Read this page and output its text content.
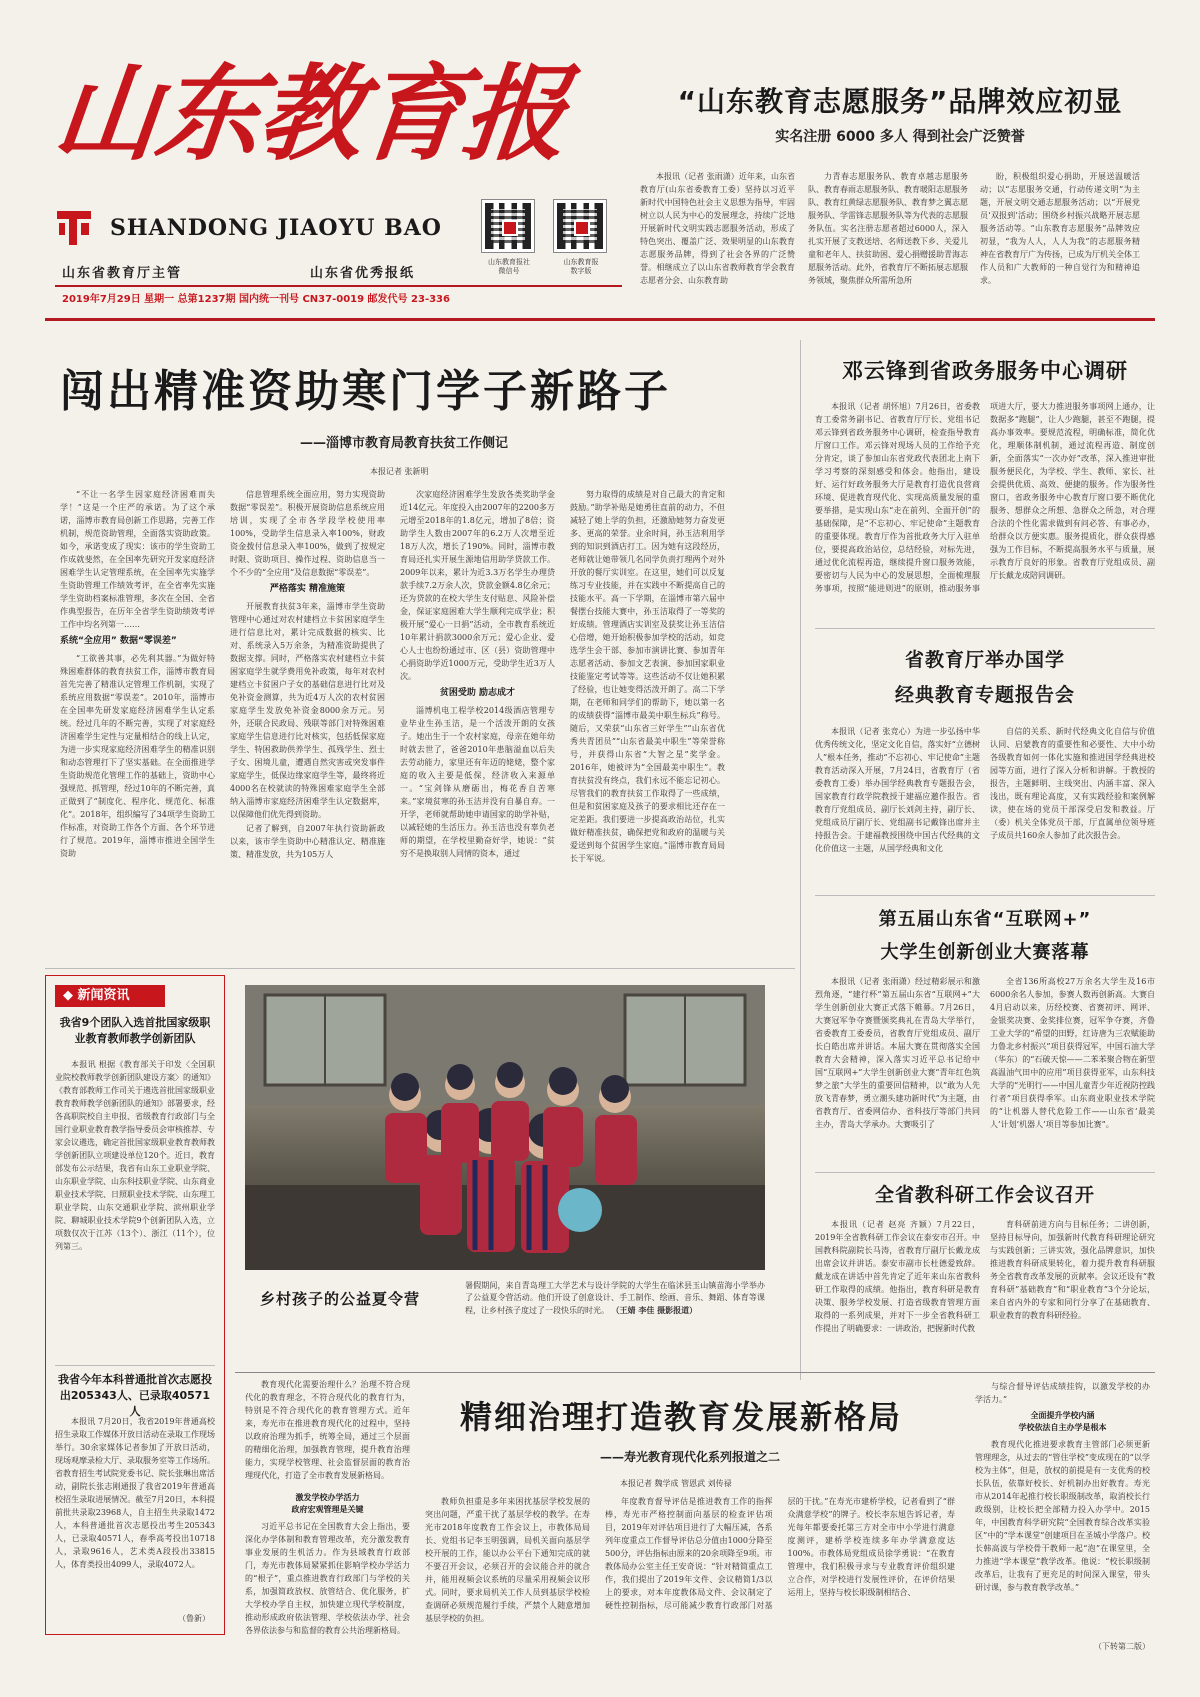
山东教育报
SHANDONG JIAOYU BAO
山东教育报社
微信号
山东教育报
数字版
山东省教育厅主管	山东省优秀报纸
2019年7月29日 星期一 总第1237期 国内统一刊号 CN37-0019 邮发代号 23-336
“山东教育志愿服务”品牌效应初显
实名注册 6000 多人 得到社会广泛赞誉

本报讯（记者 张雨潇）近年来，山东省教育厅(山东省委教育工委）坚持以习近平新时代中国特色社会主义思想为指导，牢固树立以人民为中心的发展理念，持续广泛地开展新时代文明实践志愿服务活动，形成了特色突出、覆盖广泛、效果明显的山东教育志愿服务品牌，得到了社会各界的广泛赞誉。相继成立了以山东省教师教育学会教育志愿者分会、山东教育助

力青春志愿服务队、教育卓越志愿服务队、教育春雨志愿服务队、教育暖阳志愿服务队、教育红黄绿志愿服务队、教育梦之翼志愿服务队、学雷锋志愿服务队等为代表的志愿服务队伍。实名注册志愿者超过6000人，深入扎实开展了支教送培、名师送教下乡、关爱儿童和老年人、扶贫助困、爱心捐赠援助青海志愿服务活动。此外，省教育厅不断拓展志愿服务领域，聚焦群众所需所急所

盼，积极组织爱心捐助，开展送温暖活动；以“志愿服务交通，行动传递文明”为主题，开展文明交通志愿服务活动；以“开展党员‘双报到’活动；围绕乡村振兴战略开展志愿服务活动等。“山东教育志愿服务”品牌效应初显，“我为人人，人人为我”的志愿服务精神在省教育厅广为传扬，已成为厅机关全体工作人员和广大教师的一种自觉行为和精神追求。

闯出精准资助寒门学子新路子
——淄博市教育局教育扶贫工作侧记
本报记者 张新明

“不让一名学生因家庭经济困难而失学！”这是一个庄严的承诺。为了这个承诺，淄博市教育局创新工作思路，完善工作机制，规范资助管理，全面落实资助政策。如今，承诺变成了现实：该市的学生资助工作成就斐然，在全国率先研究开发家庭经济困难学生认定管理系统，在全国率先实施学生资助管理工作绩效考评，在全省率先实施学生资助档案标准管理，多次在全国、全省作典型报告，在历年全省学生资助绩效考评工作中均名列第一……

系统“全应用” 数据“零误差”

“工欲善其事，必先利其器。”为做好特殊困难群体的教育扶贫工作，淄博市教育局首先完善了精准认定管理工作机制，实现了系统应用数据“零误差”。2010年，淄博市在全国率先研发家庭经济困难学生认定系统。经过几年的不断完善，实现了对家庭经济困难学生定性与定量相结合的线上认定，为进一步实现家庭经济困难学生的精准识别和动态管理打下了坚实基础。在全面推进学生资助规范化管理工作的基础上，资助中心强规范、抓管理，经过10年的不断完善，真正做到了“制度化、程序化、规范化、标准化”。2018年，组织编写了34项学生资助工作标准，对资助工作各个方面、各个环节进行了规范。2019年，淄博市推进全国学生资助

信息管理系统全面应用，努力实现资助数据“零误差”。积极开展资助信息系统应用培训，实现了全市各学段学校使用率100%，受助学生信息录入率100%，财政资金拨付信息录入率100%，做到了按规定时限、资助项目、操作过程、资助信息当一个不少的“全应用”及信息数据“零误差”。

严格落实 精准施策

开展教育扶贫3年来，淄博市学生资助管理中心通过对农村建档立卡贫困家庭学生进行信息比对，累计完成数据的核实、比对、系统录入5万余条，为精准资助提供了数据支撑。同时，严格落实农村建档立卡贫困家庭学生就学费用免补政策，每年对农村建档立卡贫困户子女的基础信息进行比对及免补资金测算，共为近4万人次的农村贫困家庭学生发放免补资金8000余万元。另外，还联合民政局、残联等部门对特殊困难家庭学生信息进行比对核实，包括低保家庭学生、特困救助供养学生、孤残学生、烈士子女、困境儿童，遭遇自然灾害或突发事件家庭学生，低保边缘家庭学生等，最终将近4000名在校就读的特殊困难家庭学生全部纳入淄博市家庭经济困难学生认定数据库，以保障他们优先得到资助。

记者了解到，自2007年执行资助新政以来，该市学生资助中心精准认定、精准施策、精准发放，共为105万人

次家庭经济困难学生发放各类奖助学金近14亿元。年度投入由2007年的2200多万元增至2018年的1.8亿元，增加了8倍；资助学生人数由2007年的6.2万人次增至近18万人次，增长了190%。同时，淄博市教育局还扎实开展生源地信用助学贷款工作。2009年以来，累计为近3.3万名学生办理贷款手续7.2万余人次，贷款金额4.8亿余元；还为贷款的在校大学生支付贴息、风险补偿金，保证家庭困难大学生顺利完成学业；积极开展“爱心一日捐”活动，全市教育系统近10年累计捐款3000余万元；爱心企业、爱心人士也纷纷通过市、区（县）资助管理中心捐资助学近1000万元，受助学生近3万人次。

贫困受助 励志成才

淄博机电工程学校2014级酒店管理专业毕业生孙玉洁，是一个活泼开朗的女孩子。她出生于一个农村家庭，母亲在她年幼时就去世了，爸爸2010年患脑溢血以后失去劳动能力，家里还有年迈的姥姥，整个家庭的收入主要是低保，经济收入来源单一。“宝剑锋从磨砺出，梅花香自苦寒来。”家境贫寒的孙玉洁并没有自暴自弃。一开学，老师就帮助她申请国家的助学补贴，以减轻她的生活压力。孙玉洁也没有辜负老师的期望，在学校里勤奋好学，她说：“贫穷不是换取别人同情的资本，通过

努力取得的成绩是对自己最大的肯定和鼓励。”助学补贴是她勇往直前的动力，不但减轻了她上学的负担，还激励她努力奋发更多、更高的荣誉。业余时间，孙玉洁利用学到的知识到酒店打工。因为她有这段经历，老师就让她带领几名同学负责打理两个对外开放的餐厅实训室。在这里，她们可以反复练习专业技能，并在实践中不断提高自己的技能水平。高一下学期，在淄博市第六届中餐摆台技能大赛中，孙玉洁取得了一等奖的好成绩。管理酒店实训室及获奖让孙玉洁信心倍增，她开始积极参加学校的活动，如竞选学生会干部、参加市演讲比赛、参加青年志愿者活动、参加文艺表演、参加国家职业技能鉴定考试等等。这些活动不仅让她积累了经验，也让她变得活泼开朗了。高二下学期，在老师和同学们的帮助下，她以第一名的成绩获得“淄博市最美中职生标兵”称号。随后，又荣获“山东省三好学生”“山东省优秀共青团员”“山东省最美中职生”等荣誉称号，并获得山东省“大智之星”奖学金。2016年，她被评为“全国最美中职生”。教育扶贫没有终点，我们永远不能忘记初心。尽管我们的教育扶贫工作取得了一些成绩，但是和贫困家庭及孩子的要求相比还存在一定差距。我们要进一步提高政治站位，扎实做好精准扶贫，确保把党和政府的温暖与关爱送到每个贫困学生家庭。”淄博市教育局局长于军说。

邓云锋到省政务服务中心调研

本报讯（记者 胡怀旭）7月26日，省委教育工委常务副书记、省教育厅厅长、党组书记邓云锋到省政务服务中心调研，检查指导教育厅窗口工作。邓云锋对现场人员的工作给予充分肯定，谈了参加山东省党政代表团北上南下学习考察的深刻感受和体会。他指出，建设好、运行好政务服务大厅是教育打造优良营商环境、促进教育现代化、实现高质量发展的重要举措，是实现山东“走在前列、全面开创”的基础保障，是“不忘初心、牢记使命”主题教育的重要体现。教育厅作为首批政务大厅入驻单位，要提高政治站位，总结经验，对标先进，通过优化流程再造，继续提升窗口服务效能，要密切与人民为中心的发展思想，全面梳理服务事项，按照“能进则进”的原则，推动服务事项进大厅，要大力推进服务事项网上通办，让数据多“跑腿”，让人少跑腿，甚至不跑腿，提高办事效率。要规范流程，明确标准，简化优化，理顺体制机制，通过流程再造、制度创新，全面落实“一次办好”改革，深入推进审批服务便民化，为学校、学生、教师、家长、社会提供优质、高效、便捷的服务。作为服务性窗口，省政务服务中心教育厅窗口要不断优化服务、想群众之所想、急群众之所急，对合理合法的个性化需求做到有问必答、有事必办，给群众以方便实惠。服务提质化，群众获得感强为工作目标，不断提高服务水平与质量，展示教育厅良好的形象。省教育厅党组成员、副厅长戴龙成陪同调研。

省教育厅举办国学
经典教育专题报告会

本报讯（记者 张竞心）为进一步弘扬中华优秀传统文化，坚定文化自信，落实好“立德树人”根本任务，推动“不忘初心、牢记使命”主题教育活动深入开展，7月24日，省教育厅（省委教育工委）举办国学经典教育专题报告会，国家教育行政学院教授于建福应邀作报告。省教育厅党组成员、副厅长刘剑主持，副厅长、党组成员厅副厅长、党组副书记戴锋出席并主持报告会。于建福教授围绕中国古代经典的文化价值这一主题，从国学经典和文化

自信的关系、新时代经典文化自信与价值认同、启蒙教育的重要性和必要性、大中小幼各级教育如何一体化实施和推进国学经典进校园等方面，进行了深入分析和讲解。于教授的报告，主题鲜明、主线突出、内涵丰富、深入浅出，既有理论高度，又有实践经验和案例解读，使在场的党员干部深受启发和教益。厅（委）机关全体党员干部，厅直属单位领导班子成员共160余人参加了此次报告会。

第五届山东省“互联网+”
大学生创新创业大赛落幕

本报讯（记者 张雨潇）经过精彩展示和激烈角逐，“建行杯”第五届山东省“互联网+”大学生创新创业大赛正式落下帷幕。7月26日，大赛冠军争夺赛暨颁奖典礼在青岛大学举行，省委教育工委委员，省教育厅党组成员、副厅长白皓出席并讲话。本届大赛在贯彻落实全国教育大会精神，深入落实习近平总书记给中国“互联网+”大学生创新创业大赛“青年红色筑梦之旅”大学生的重要回信精神，以“敢为人先放飞青春梦，勇立潮头建功新时代”为主题，由省教育厅、省委网信办、省科技厅等部门共同主办，青岛大学承办。大赛吸引了

全省136所高校27万余名大学生及16市6000余名人参加，参赛人数再创新高。大赛自4月启动以来，历经校赛、省赛初评、网评、金银奖决赛、金奖排位赛，冠军争夺赛，齐鲁工业大学的“希望的田野，红诗唐为三农赋能助力鲁北乡村振兴”项目获得冠军，中国石油大学（华东）的“石破天惊——二苯苯聚合物在新型高温油气田中的应用”项目获得亚军，山东科技大学的“光明行——中国儿童青少年近视防控践行者”项目获得季军。山东商业职业技术学院的“让机器人替代危险工作——山东省‘最美人’计划‘机器人’项目等参加比赛”。

全省教科研工作会议召开

本报讯（记者 赵亮 齐颖）7月22日，2019年全省教科研工作会议在泰安市召开。中国教科院副院长马涛，省教育厅副厅长戴龙成出席会议并讲话。泰安市副市长杜德爱致辞。戴龙成在讲话中首先肯定了近年来山东省教科研工作取得的成绩。他指出，教育科研是教育决策、服务学校发展、打造省级教育管理方面取得的一系列成果，并对下一步全省教科研工作提出了明确要求：一讲政治，把握新时代教

育科研前进方向与目标任务；二讲创新，坚持目标导向，加强新时代教育科研理论研究与实践创新；三讲实效，强化品牌意识，加快推进教育科研成果转化，着力提升教育科研服务全省教育改革发展的贡献率。会议还设有“教育科研”基础教育”和“职业教育”3个分论坛，来自省内外的专家和同行分享了在基础教育、职业教育的教育科研经验。

◆ 新闻资讯
我省9个团队入选首批国家级职业教育教师教学创新团队

本报讯 根据《教育部关于印发〈全国职业院校教师教学创新团队建设方案〉的通知》《教育部教师工作司关于遴选首批国家级职业教育教师教学创新团队的通知》部署要求，经各高职院校自主申报、省级教育行政部门与全国行业职业教育教学指导委员会审核推荐、专家会议遴选，确定首批国家级职业教育教师教学创新团队立项建设单位120个。近日，教育部发布公示结果，我省有山东工业职业学院、山东职业学院、山东科技职业学院、山东商业职业技术学院、日照职业技术学院、山东理工职业学院、山东交通职业学院、滨州职业学院、聊城职业技术学院9个创新团队入选，立项数仅次于江苏（13个）、浙江（11个），位列第三。

我省今年本科普通批首次志愿投出205343人、已录取40571人

本报讯 7月20日，我省2019年普通高校招生录取工作媒体开放日活动在录取工作现场举行。30余家媒体记者参加了开放日活动，现场观摩录检大厅、录取服务室等工作场所。省教育招生考试院党委书记、院长张琳出席活动，副院长张志刚通报了我省2019年普通高校招生录取进展情况。截至7月20日，本科提前批共录取23968人，自主招生共录取1472人，本科普通批首次志愿投出考生205343人，已录取40571人，春季高考投出10718人，录取9616人，艺术类A段投出33815人，体育类投出4099人，录取4072人。

（鲁新）
乡村孩子的公益夏令营
暑假期间，来自青岛理工大学艺术与设计学院的大学生在临沭县玉山镇苗海小学举办了公益夏令营活动。他们开设了创意设计、手工制作、绘画、音乐、舞蹈、体育等课程，让乡村孩子度过了一段快乐的时光。 （王婧 李佳 摄影报道）

教育现代化需要治理什么？治理不符合现代化的教育理念，不符合现代化的教育行为，特别是不符合现代化的教育管理方式。近年来，寿光市在推进教育现代化的过程中，坚持以政府治理为抓手，统筹全局，通过三个层面的精细化治理，加强教育管理，提升教育治理能力，实现学校管理、社会监督层面的教育治理现代化，打造了全市教育发展新格局。

精细治理打造教育发展新格局
——寿光教育现代化系列报道之二
本报记者 魏学成 管恩武 刘传禄
激发学校办学活力
政府宏观管理是关键

习近平总书记在全国教育大会上指出，要深化办学体制和教育管理改革，充分激发教育事业发展的生机活力。作为县域教育行政部门，寿光市教体局紧紧抓住影响学校办学活力的“根子”，重点推进教育行政部门与学校的关系，加强简政放权、放管结合、优化服务，扩大学校办学自主权，加快建立现代学校制度，推动形成政府依法管理、学校依法办学、社会各界依法参与和监督的教育公共治理新格局。

教师负担重是多年来困扰基层学校发展的突出问题，严重干扰了基层学校的教学。在寿光市2018年度教育工作会议上，市教体局局长、党组书记李玉明强调，局机关面向基层学校开展的工作，能以办公平台下通知完成的就不要召开会议，必须召开的会议能合并的就合并，能用视频会议系统的尽量采用视频会议形式。同时，要求局机关工作人员到基层学校检查调研必须规范履行手续，严禁个人随意增加基层学校的负担。

年度教育督导评估是推进教育工作的指挥棒，寿光市严格控制面向基层的检查评估项目，2019年对评估项目进行了大幅压减，各系列年度重点工作督导评估总分值由1000分降至500分，评估指标由原来的20余项降至9项。市教体局办公室主任王安奇说：“针对精简重点工作，我们提出了2019年文件、会议精简1/3以上的要求，对本年度教体局文件、会议制定了硬性控制指标，尽可能减少教育行政部门对基层的干扰。”在寿光市建桥学校，记者看到了“群众满意学校”的牌子。校长李东旭告诉记者，寿光每年都要委托第三方对全市中小学进行满意度测评，建桥学校连续多年办学满意度达100%。市教体局党组成员徐学勇说：“在教育管理中，我们积极寻求与专业教育评价组织建立合作，对学校进行发展性评价，在评价结果运用上，坚持与校长职级制相结合、

与综合督导评估成绩挂钩，以激发学校的办学活力。”

全面提升学校内涵
学校依法自主办学是根本

教育现代化推进要求教育主管部门必须更新管理理念，从过去的“管住学校”变成现在的“以学校为主体”，但是，放权的前提是有一支优秀的校长队伍，依靠好校长、好机制办出好教育。寿光市从2014年起推行校长职级制改革，取消校长行政级别，让校长把全部精力投入办学中。2015年，中国教育科学研究院“全国教育综合改革实验区”中的“学本课堂”创建项目在圣城小学落户。校长韩高波与学校骨干教师一起“泡”在课堂里，全力推进“学本课堂”教学改革。他说：“校长职级制改革后，让我有了更充足的时间深入课堂，带头研讨课，参与教育教学改革。”

（下转第二版）
